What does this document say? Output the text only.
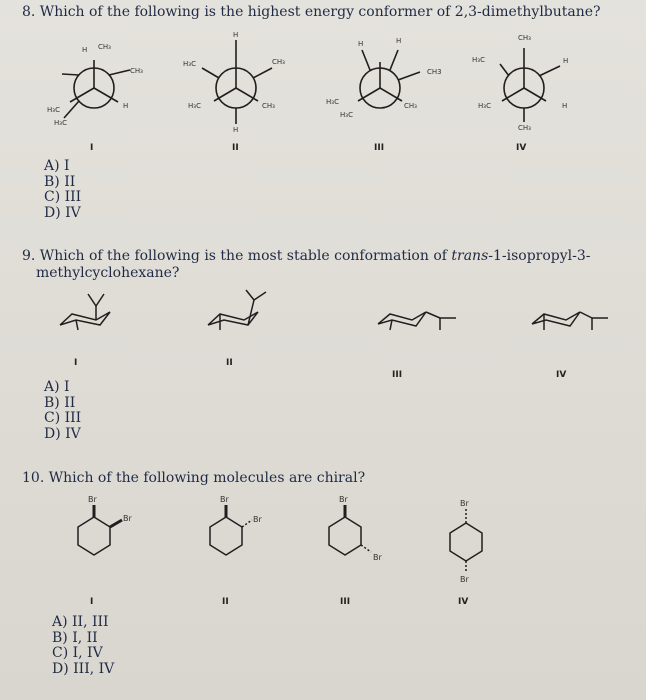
8. Which of the following is the highest energy conformer of 2,3-dimethylbutane?
CH₃
H
CH₃
H
H₃C
H₃C
H
H₃C	CH₃
H₃C	CH₃
H
H	H
CH3
CH₃
H₃C
H₃C
CH₃
H₃C	H
H₃C	H
CH₃
I	II	III	IV
A) I
B) II
C) III
D) IV
9. Which of the following is the most stable conformation of trans-1-isopropyl-3-
methylcyclohexane?
I	II
III	IV
A) I
B) II
C) III
D) IV
10. Which of the following molecules are chiral?
Br
Br
Br
Br
Br
Br
Br
Br
I	II	III	IV
A) II, III
B) I, II
C) I, IV
D) III, IV
